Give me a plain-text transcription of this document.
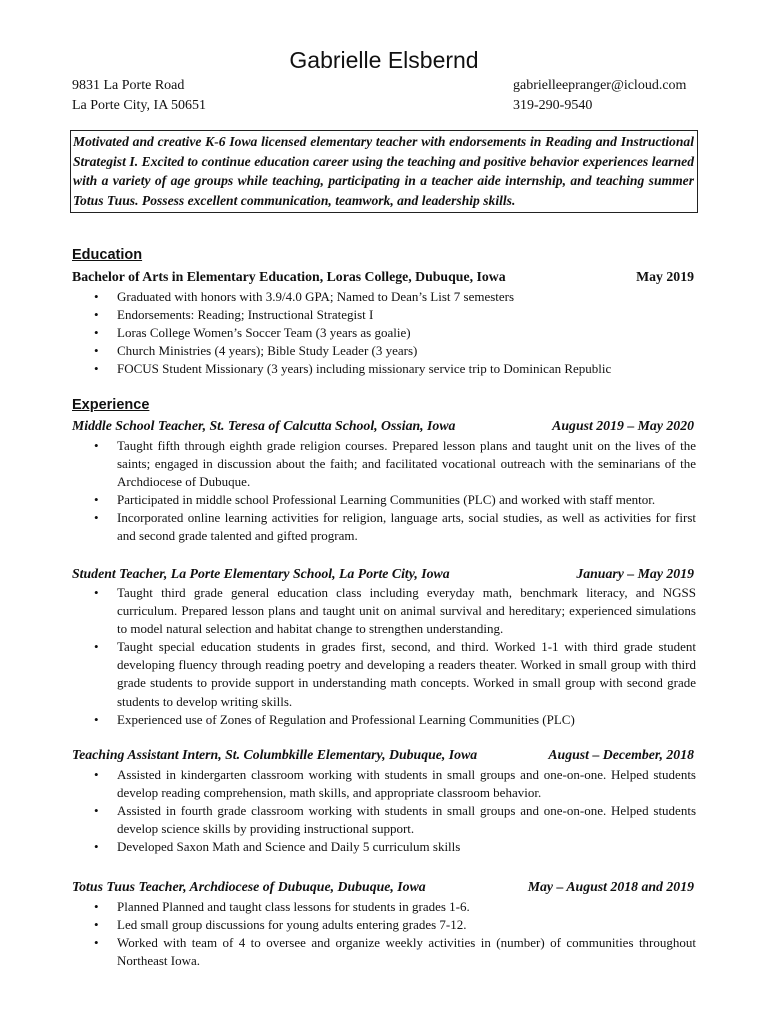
Gabrielle Elsbernd
9831 La Porte Road
La Porte City, IA 50651
gabrielleepranger@icloud.com
319-290-9540
Motivated and creative K-6 Iowa licensed elementary teacher with endorsements in Reading and Instructional Strategist I. Excited to continue education career using the teaching and positive behavior experiences learned with a variety of age groups while teaching, participating in a teacher aide internship, and teaching summer Totus Tuus. Possess excellent communication, teamwork, and leadership skills.
Education
Bachelor of Arts in Elementary Education, Loras College, Dubuque, Iowa	May 2019
• Graduated with honors with 3.9/4.0 GPA; Named to Dean’s List 7 semesters
• Endorsements: Reading; Instructional Strategist I
• Loras College Women’s Soccer Team (3 years as goalie)
• Church Ministries (4 years); Bible Study Leader (3 years)
• FOCUS Student Missionary (3 years) including missionary service trip to Dominican Republic
Experience
Middle School Teacher, St. Teresa of Calcutta School, Ossian, Iowa	August 2019 – May 2020
• Taught fifth through eighth grade religion courses. Prepared lesson plans and taught unit on the lives of the saints; engaged in discussion about the faith; and facilitated vocational outreach with the seminarians of the Archdiocese of Dubuque.
• Participated in middle school Professional Learning Communities (PLC) and worked with staff mentor.
• Incorporated online learning activities for religion, language arts, social studies, as well as activities for first and second grade talented and gifted program.
Student Teacher, La Porte Elementary School, La Porte City, Iowa	January – May 2019
• Taught third grade general education class including everyday math, benchmark literacy, and NGSS curriculum. Prepared lesson plans and taught unit on animal survival and hereditary; experienced simulations to model natural selection and habitat change to strengthen understanding.
• Taught special education students in grades first, second, and third. Worked 1-1 with third grade student developing fluency through reading poetry and developing a readers theater. Worked in small group with third grade students to provide support in understanding math concepts. Worked in small group with second grade students to develop writing skills.
• Experienced use of Zones of Regulation and Professional Learning Communities (PLC)
Teaching Assistant Intern, St. Columbkille Elementary, Dubuque, Iowa	August – December, 2018
• Assisted in kindergarten classroom working with students in small groups and one-on-one. Helped students develop reading comprehension, math skills, and appropriate classroom behavior.
• Assisted in fourth grade classroom working with students in small groups and one-on-one. Helped students develop science skills by providing instructional support.
• Developed Saxon Math and Science and Daily 5 curriculum skills
Totus Tuus Teacher, Archdiocese of Dubuque, Dubuque, Iowa	May – August 2018 and 2019
• Planned Planned and taught class lessons for students in grades 1-6.
• Led small group discussions for young adults entering grades 7-12.
• Worked with team of 4 to oversee and organize weekly activities in (number) of communities throughout Northeast Iowa.
